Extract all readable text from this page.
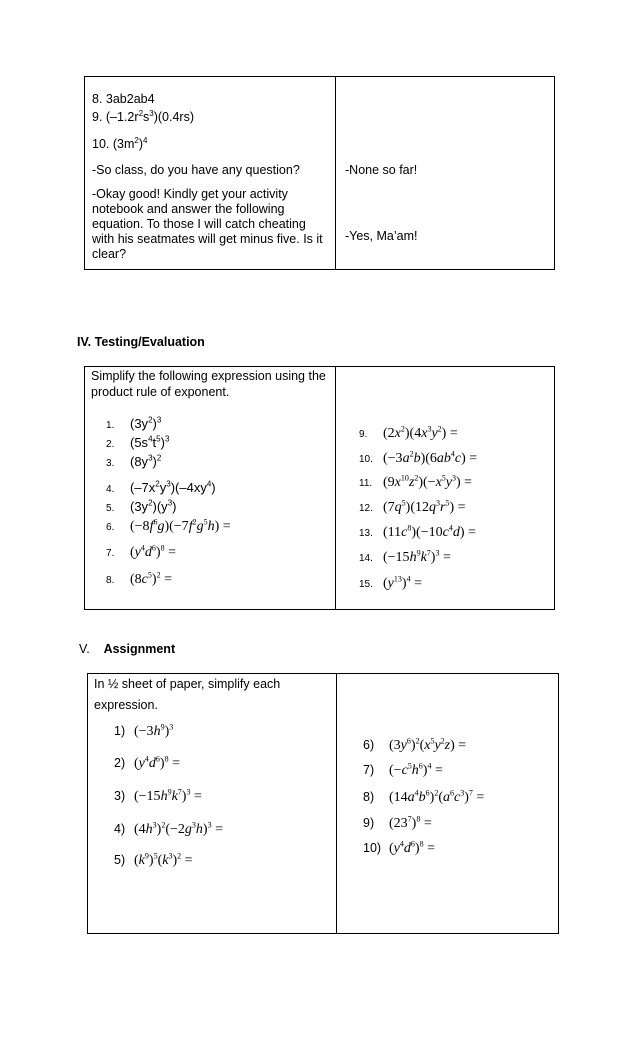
8. 3ab2ab4
9. $(-1.2r^2s^3)(0.4rs)$
10. $(3m^2)^4$
-So class, do you have any question?
-Okay good! Kindly get your activity
notebook and answer the following
equation. To those I will catch cheating
with his seatmates will get minus five. Is it
clear?

-None so far!
-Yes, Ma’am!
IV. Testing/Evaluation
Simplify the following expression using the
product rule of exponent.
1. $(3y^2)^3$
2. $(5s^4t^5)^3$
3. $(8y^3)^2$
4. $(-7x^2y^3)(-4xy^4)$
5. $(3y^2)(y^3)$
6. $(-8f^6g)(-7f^2g^5h)$ =
7. $(y^4d^6)^8$ =
8. $(8c^5)^2$ =

9. $(2x^2)(4x^3y^2)$ =
10. $(-3a^2b)(6ab^4c)$ =
11. $(9x^{10}z^2)(-x^5y^3)$ =
12. $(7q^5)(12q^3r^5)$ =
13. $(11c^8)(-10c^4d)$ =
14. $(-15h^9k^7)^3$ =
15. $(y^{13})^4$ =
V.    Assignment
In ½ sheet of paper, simplify each
expression.
1) $(-3h^9)^3$
2) $(y^4d^6)^8$ =
3) $(-15h^9k^7)^3$ =
4) $(4h^3)^2(-2g^3h)^3$ =
5) $(k^9)^5(k^3)^2$ =

6) $(3y^6)^2(x^5y^2z)$ =
7) $(-c^5h^6)^4$ =
8) $(14a^4b^6)^2(a^6c^3)^7$ =
9) $(23^7)^8$ =
10) $(y^4d^6)^8$ =
